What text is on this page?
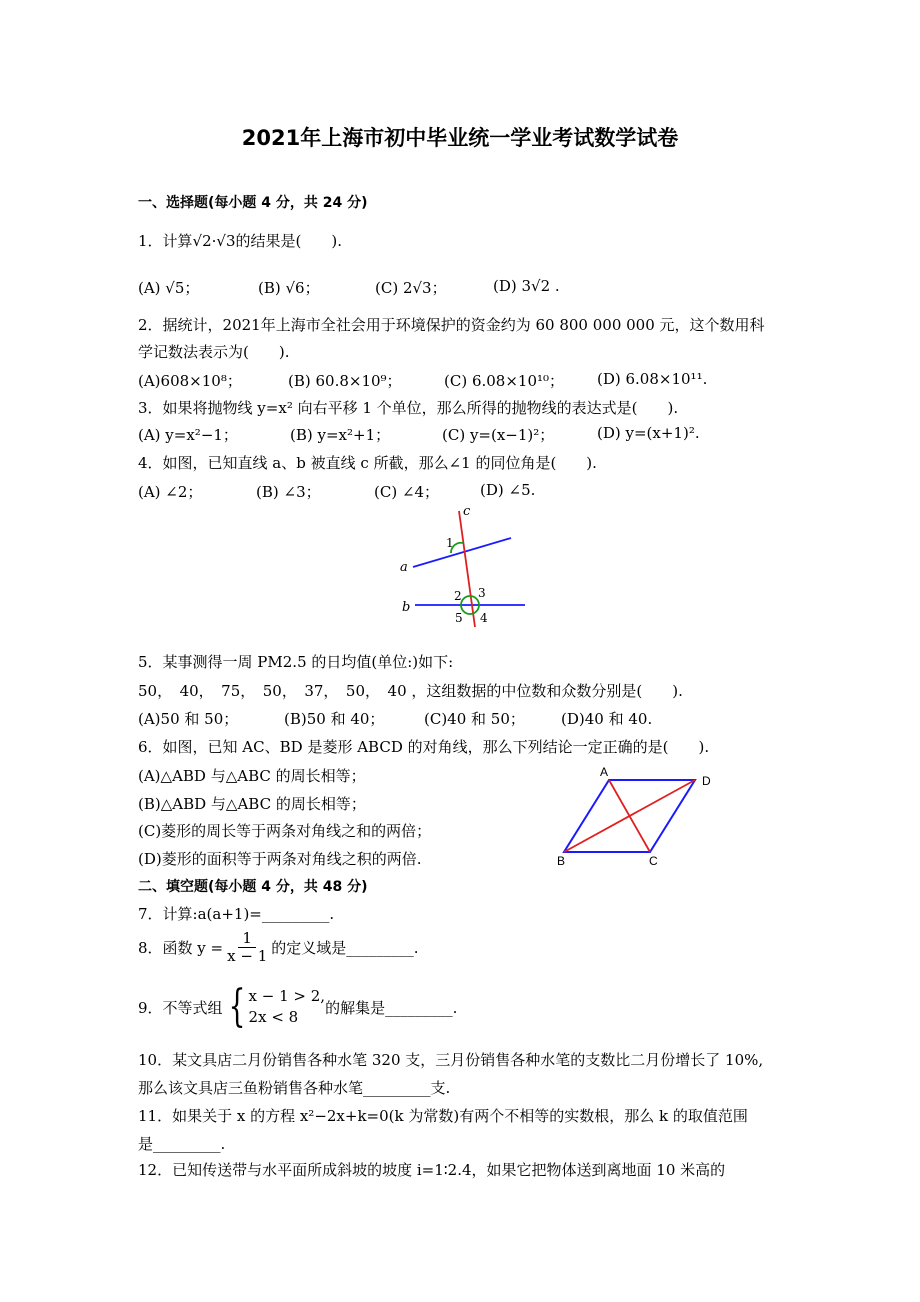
2021年上海市初中毕业统一学业考试数学试卷
一、选择题(每小题 4 分，共 24 分)
1．计算√2·√3的结果是(　　).
(A) √5；	(B) √6；	(C) 2√3；	(D) 3√2 .
2．据统计，2021年上海市全社会用于环境保护的资金约为 60 800 000 000 元，这个数用科
学记数法表示为(　　).
(A)608×10⁸；	(B) 60.8×10⁹；	(C) 6.08×10¹⁰； (D) 6.08×10¹¹.
3．如果将抛物线 y=x² 向右平移 1 个单位，那么所得的抛物线的表达式是(　　).
(A) y=x²−1；	(B) y=x²+1；	(C) y=(x−1)²；	(D) y=(x+1)².
4．如图，已知直线 a、b 被直线 c 所截，那么∠1 的同位角是(　　).
(A) ∠2；	(B) ∠3；	(C) ∠4；	(D) ∠5.
c
a
b
1
2 3
5 4
5．某事测得一周 PM2.5 的日均值(单位:)如下:
50，　40，　75，　50，　37，　50，　40 ，这组数据的中位数和众数分别是(　　).
(A)50 和 50；	(B)50 和 40；	(C)40 和 50； (D)40 和 40.
6．如图，已知 AC、BD 是菱形 ABCD 的对角线，那么下列结论一定正确的是(　　).
(A)△ABD 与△ABC 的周长相等；
(B)△ABD 与△ABC 的周长相等；
(C)菱形的周长等于两条对角线之和的两倍；
(D)菱形的面积等于两条对角线之积的两倍.
A
D
B	C
二、填空题(每小题 4 分，共 48 分)
7．计算:a(a+1)=_________.
8．函数 $y = \frac{1}{x - 1}$ 的定义域是_________.
9．不等式组 { x − 1 > 2,
2x < 8
的解集是_________.
10．某文具店二月份销售各种水笔 320 支，三月份销售各种水笔的支数比二月份增长了 10%,
那么该文具店三鱼粉销售各种水笔_________支.
11．如果关于 x 的方程 x²−2x+k=0(k 为常数)有两个不相等的实数根，那么 k 的取值范围
是_________.
12．已知传送带与水平面所成斜坡的坡度 i=1∶2.4，如果它把物体送到离地面 10 米高的
